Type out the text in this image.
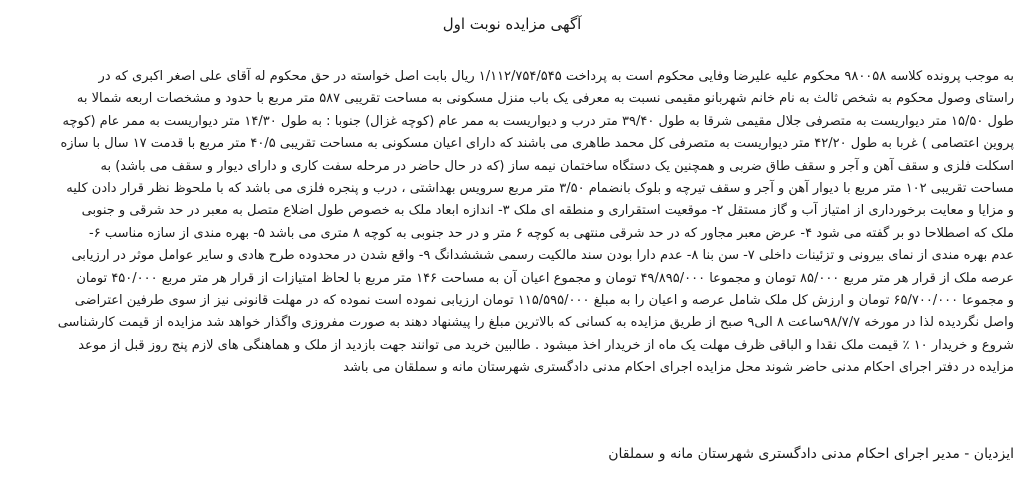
آگهی مزایده نوبت اول
به موجب پرونده کلاسه ۹۸۰۰۵۸ محکوم علیه علیرضا وفایی محکوم است به پرداخت ۱/۱۱۲/۷۵۴/۵۴۵ ریال بابت اصل خواسته در حق محکوم له آقای علی اصغر اکبری که در
راستای وصول محکوم به شخص ثالث به نام خانم شهربانو مقیمی نسبت به معرفی یک باب منزل مسکونی به مساحت تقریبی ۵۸۷ متر مربع با حدود و مشخصات اربعه شمالا به
طول ۱۵/۵۰ متر دیواریست به متصرفی جلال مقیمی شرقا به طول ۳۹/۴۰ متر درب و دیواریست به ممر عام (کوچه غزال) جنوبا : به طول ۱۴/۳۰ متر دیواریست به ممر عام (کوچه
پروین اعتصامی ) غربا به طول ۴۲/۲۰ متر دیواریست به متصرفی کل محمد طاهری می باشند که دارای اعیان مسکونی به مساحت تقریبی ۴۰/۵ متر مربع با قدمت ۱۷ سال با سازه
اسکلت فلزی و سقف آهن و آجر و سقف طاق ضربی و همچنین یک دستگاه ساختمان نیمه ساز (که در حال حاضر در مرحله سفت کاری و دارای دیوار و سقف می باشد) به
مساحت تقریبی ۱۰۲ متر مربع با دیوار آهن و آجر و سقف تیرچه و بلوک بانضمام ۳/۵۰ متر مربع سرویس بهداشتی ، درب و پنجره فلزی می باشد که با ملحوظ نظر قرار دادن کلیه
و مزایا و معایت برخورداری از امتیاز آب و گاز مستقل ۲- موقعیت استقراری و منطقه ای ملک ۳- اندازه ابعاد ملک به خصوص طول اضلاع متصل به معبر در حد شرقی و جنوبی
ملک که اصطلاحا دو بر گفته می شود ۴- عرض معبر مجاور که در حد شرقی منتهی به کوچه ۶ متر و در حد جنوبی به کوچه ۸ متری می باشد ۵- بهره مندی از سازه مناسب ۶-
عدم بهره مندی از نمای بیرونی و تزئینات داخلی ۷- سن بنا ۸- عدم دارا بودن سند مالکیت رسمی شششدانگ ۹- واقع شدن در محدوده طرح هادی و سایر عوامل موثر در ارزیابی
عرصه ملک از قرار هر متر مربع ۸۵/۰۰۰ تومان و مجموعا ۴۹/۸۹۵/۰۰۰ تومان و مجموع اعیان آن به مساحت ۱۴۶ متر مربع با لحاظ امتیازات از قرار هر متر مربع ۴۵۰/۰۰۰ تومان
و مجموعا ۶۵/۷۰۰/۰۰۰ تومان و ارزش کل ملک شامل عرصه و اعیان را به مبلغ ۱۱۵/۵۹۵/۰۰۰ تومان ارزیابی نموده است نموده که در مهلت قانونی نیز از سوی طرفین اعتراضی
واصل نگردیده لذا در مورخه ۹۸/۷/۷ساعت ۸ الی۹ صبح از طریق مزایده به کسانی که بالاترین مبلغ را پیشنهاد دهند به صورت مفروزی واگذار خواهد شد مزایده از قیمت کارشناسی
شروع و خریدار ۱۰ ٪ قیمت ملک نقدا و الباقی ظرف مهلت یک ماه از خریدار اخذ میشود . طالبین خرید می توانند جهت بازدید از ملک و هماهنگی های لازم پنج روز قبل از موعد
مزایده در دفتر اجرای احکام مدنی حاضر شوند محل مزایده اجرای احکام مدنی دادگستری شهرستان مانه و سملقان می باشد
ایزدیان - مدیر اجرای احکام مدنی دادگستری شهرستان مانه و سملقان
